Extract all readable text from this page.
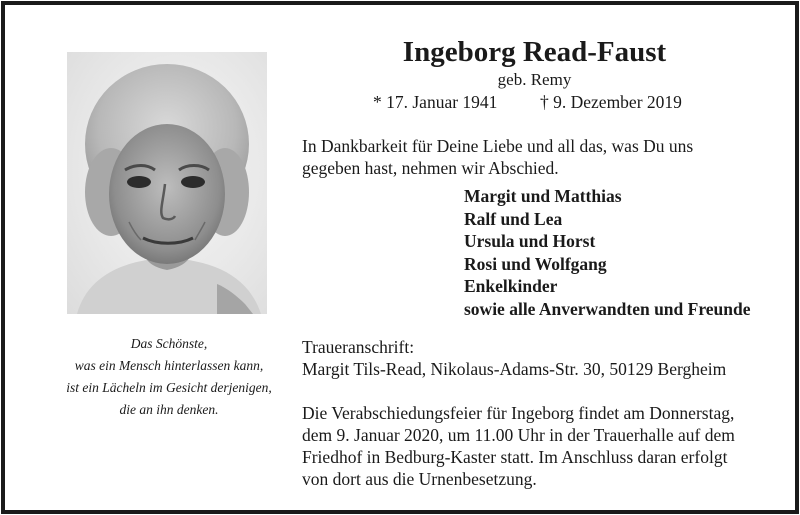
Das Schönste,
was ein Mensch hinterlassen kann,
ist ein Lächeln im Gesicht derjenigen,
die an ihn denken.
Ingeborg Read-Faust
geb. Remy
* 17. Januar 1941 † 9. Dezember 2019
In Dankbarkeit für Deine Liebe und all das, was Du uns
gegeben hast, nehmen wir Abschied.
Margit und Matthias
Ralf und Lea
Ursula und Horst
Rosi und Wolfgang
Enkelkinder
sowie alle Anverwandten und Freunde
Traueranschrift:
Margit Tils-Read, Nikolaus-Adams-Str. 30, 50129 Bergheim
Die Verabschiedungsfeier für Ingeborg findet am Donnerstag,
dem 9. Januar 2020, um 11.00 Uhr in der Trauerhalle auf dem
Friedhof in Bedburg-Kaster statt. Im Anschluss daran erfolgt
von dort aus die Urnenbesetzung.
